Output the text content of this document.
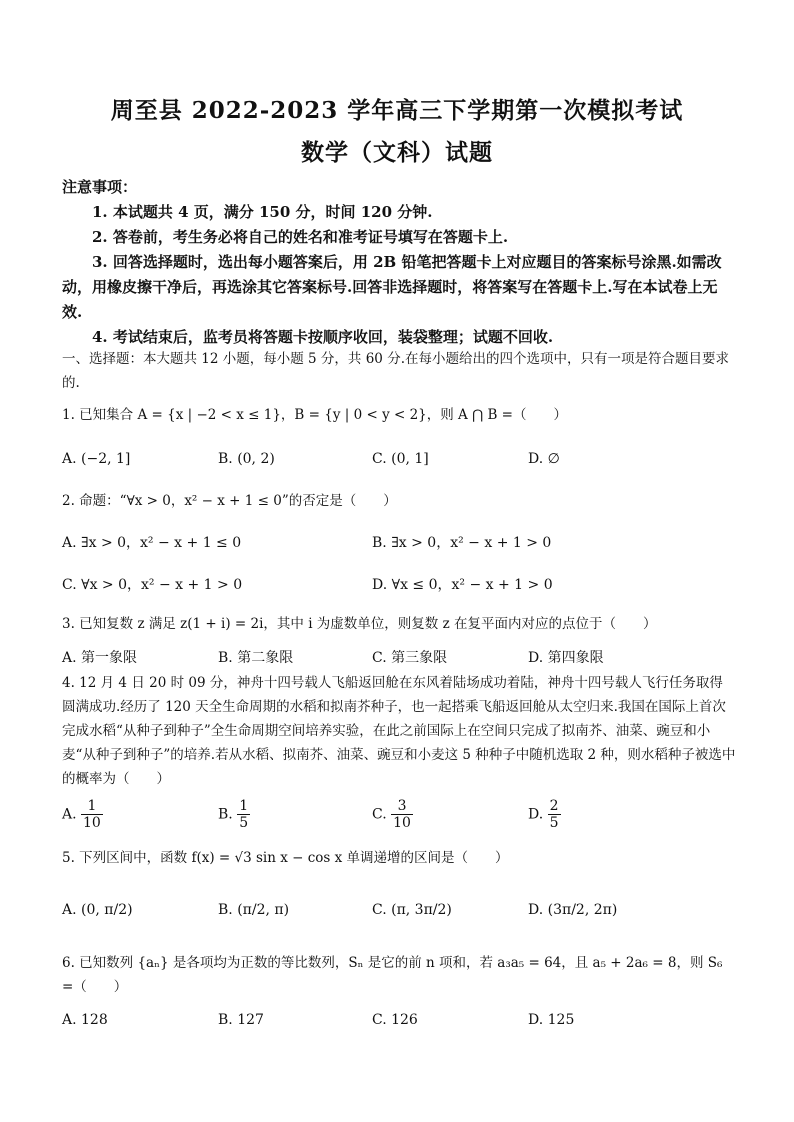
周至县 2022-2023 学年高三下学期第一次模拟考试
数学（文科）试题
注意事项：
1. 本试题共 4 页，满分 150 分，时间 120 分钟.
2. 答卷前，考生务必将自己的姓名和准考证号填写在答题卡上.
3. 回答选择题时，选出每小题答案后，用 2B 铅笔把答题卡上对应题目的答案标号涂黑.如需改动，用橡皮擦干净后，再选涂其它答案标号.回答非选择题时，将答案写在答题卡上.写在本试卷上无效.
4. 考试结束后，监考员将答题卡按顺序收回，装袋整理；试题不回收.
一、选择题：本大题共 12 小题，每小题 5 分，共 60 分.在每小题给出的四个选项中，只有一项是符合题目要求的.
1. 已知集合 A = {x | −2 < x ≤ 1}，B = {y | 0 < y < 2}，则 A ⋂ B =（　　）
A. (−2, 1]	B. (0, 2)	C. (0, 1]	D. ∅
2. 命题：“∀x > 0，x² − x + 1 ≤ 0”的否定是（　　）
A. ∃x > 0，x² − x + 1 ≤ 0	B. ∃x > 0，x² − x + 1 > 0
C. ∀x > 0，x² − x + 1 > 0	D. ∀x ≤ 0，x² − x + 1 > 0
3. 已知复数 z 满足 z(1 + i) = 2i，其中 i 为虚数单位，则复数 z 在复平面内对应的点位于（　　）
A. 第一象限	B. 第二象限	C. 第三象限	D. 第四象限
4. 12 月 4 日 20 时 09 分，神舟十四号载人飞船返回舱在东风着陆场成功着陆，神舟十四号载人飞行任务取得圆满成功.经历了 120 天全生命周期的水稻和拟南芥种子，也一起搭乘飞船返回舱从太空归来.我国在国际上首次完成水稻“从种子到种子”全生命周期空间培养实验，在此之前国际上在空间只完成了拟南芥、油菜、豌豆和小麦“从种子到种子”的培养.若从水稻、拟南芥、油菜、豌豆和小麦这 5 种种子中随机选取 2 种，则水稻种子被选中的概率为（　　）
A. $\frac{1}{10}$	B. $\frac{1}{5}$	C. $\frac{3}{10}$	D. $\frac{2}{5}$
5. 下列区间中，函数 f(x) = √3 sin x − cos x 单调递增的区间是（　　）
A. (0, π/2)	B. (π/2, π)	C. (π, 3π/2)	D. (3π/2, 2π)
6. 已知数列 {aₙ} 是各项均为正数的等比数列，Sₙ 是它的前 n 项和，若 a₃a₅ = 64，且 a₅ + 2a₆ = 8，则 S₆ =（　　）
A. 128	B. 127	C. 126	D. 125
